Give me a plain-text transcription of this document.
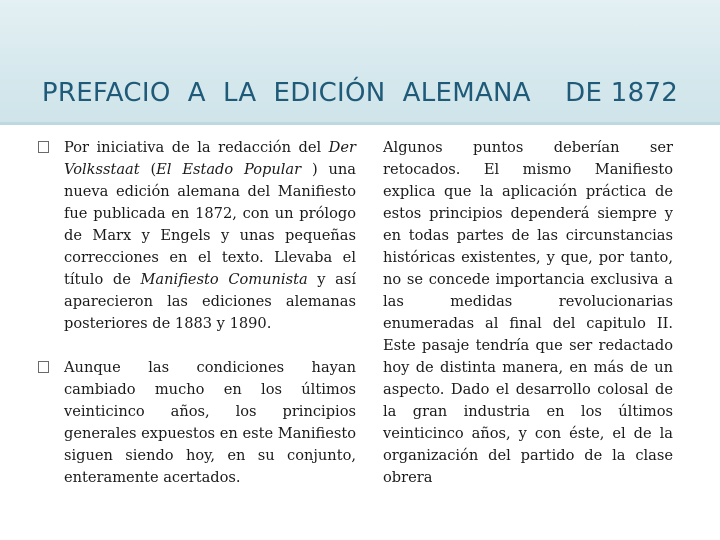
PREFACIO  A  LA  EDICIÓN  ALEMANA    DE 1872

Por iniciativa de la redacción del Der Volksstaat (El Estado Popular ) una nueva edición alemana del Manifiesto fue publicada en 1872, con un prólogo de Marx y Engels y unas pequeñas correcciones en el texto. Llevaba el título de Manifiesto Comunista y así aparecieron las ediciones alemanas posteriores de 1883 y 1890.

Aunque las condiciones hayan cambiado mucho en los últimos veinticinco años, los principios generales expuestos en este Manifiesto siguen siendo hoy, en su conjunto, enteramente acertados.

Algunos puntos deberían ser retocados. El mismo Manifiesto explica que la aplicación práctica de estos principios dependerá siempre y en todas partes de las circunstancias históricas existentes, y que, por tanto, no se concede importancia exclusiva a las medidas revolucionarias enumeradas al final del capitulo II. Este pasaje tendría que ser redactado hoy de distinta manera, en más de un aspecto. Dado el desarrollo colosal de la gran industria en los últimos veinticinco años, y con éste, el de la organización del partido de la clase obrera
